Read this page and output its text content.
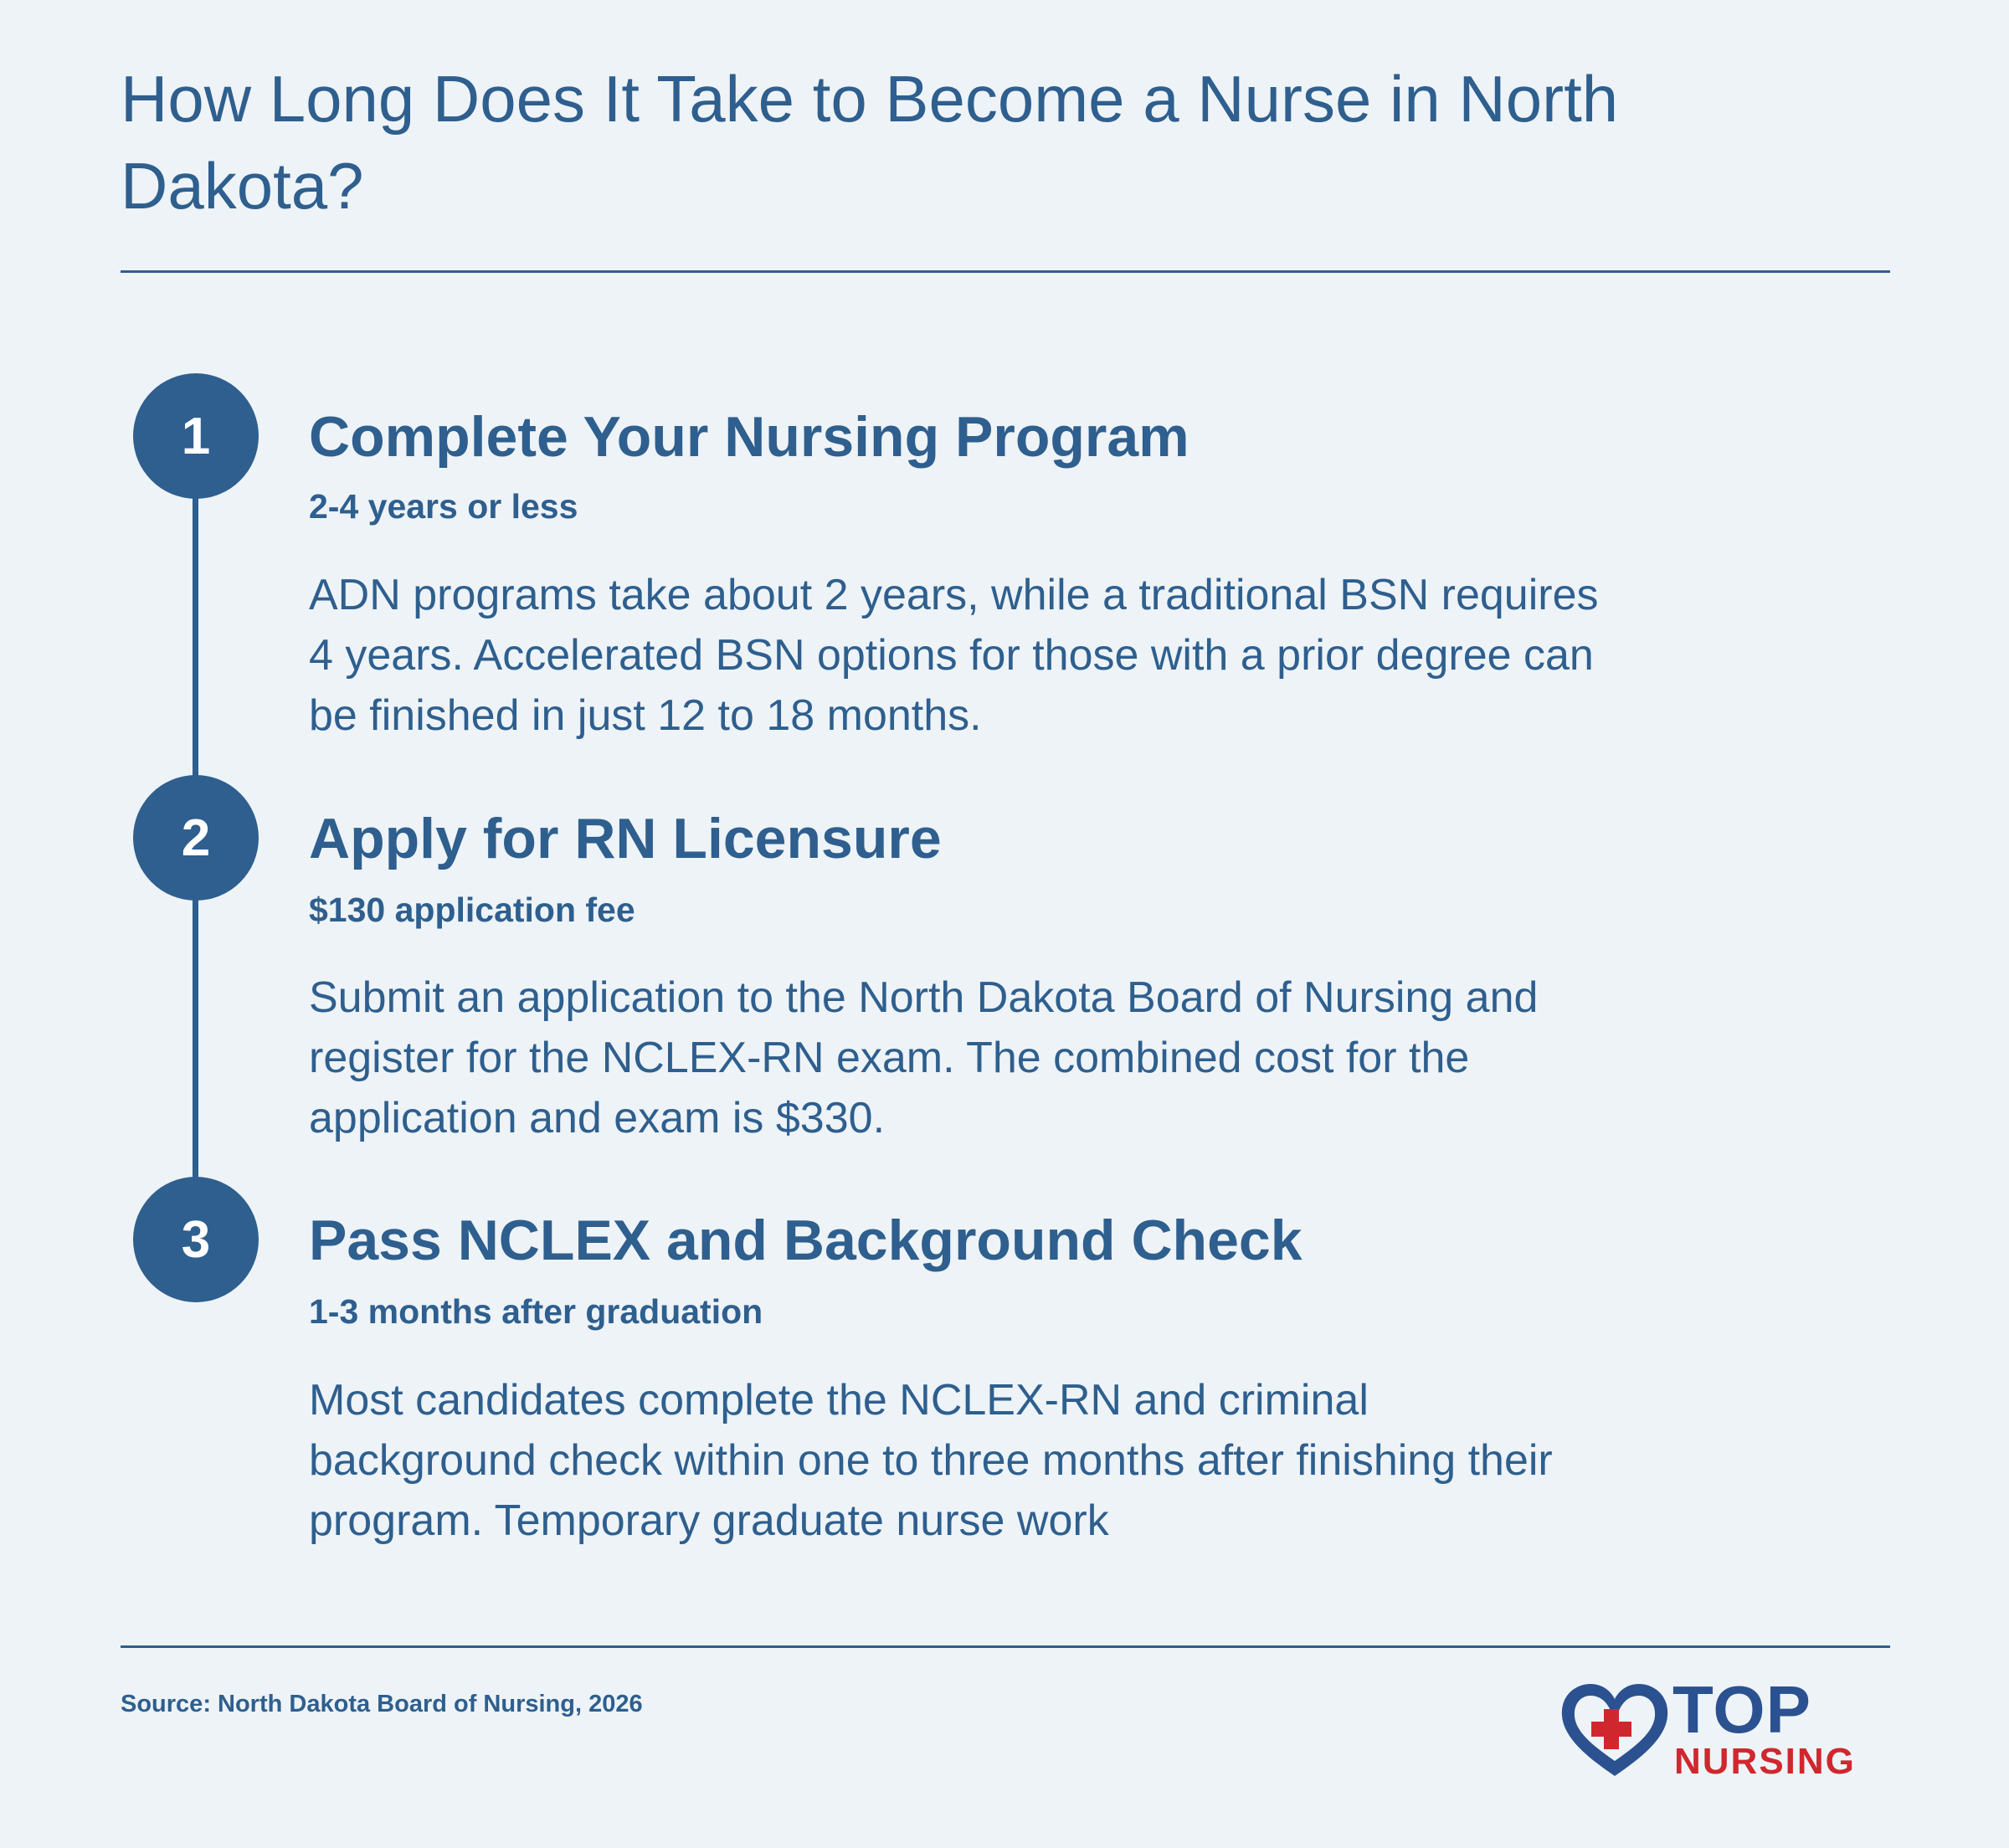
How Long Does It Take to Become a Nurse in North Dakota?
1	Complete Your Nursing Program
2-4 years or less
ADN programs take about 2 years, while a traditional BSN requires 4 years. Accelerated BSN options for those with a prior degree can be finished in just 12 to 18 months.
2	Apply for RN Licensure
$130 application fee
Submit an application to the North Dakota Board of Nursing and register for the NCLEX-RN exam. The combined cost for the application and exam is $330.
3	Pass NCLEX and Background Check
1-3 months after graduation
Most candidates complete the NCLEX-RN and criminal background check within one to three months after finishing their program. Temporary graduate nurse work
Source: North Dakota Board of Nursing, 2026	TOP
NURSING
